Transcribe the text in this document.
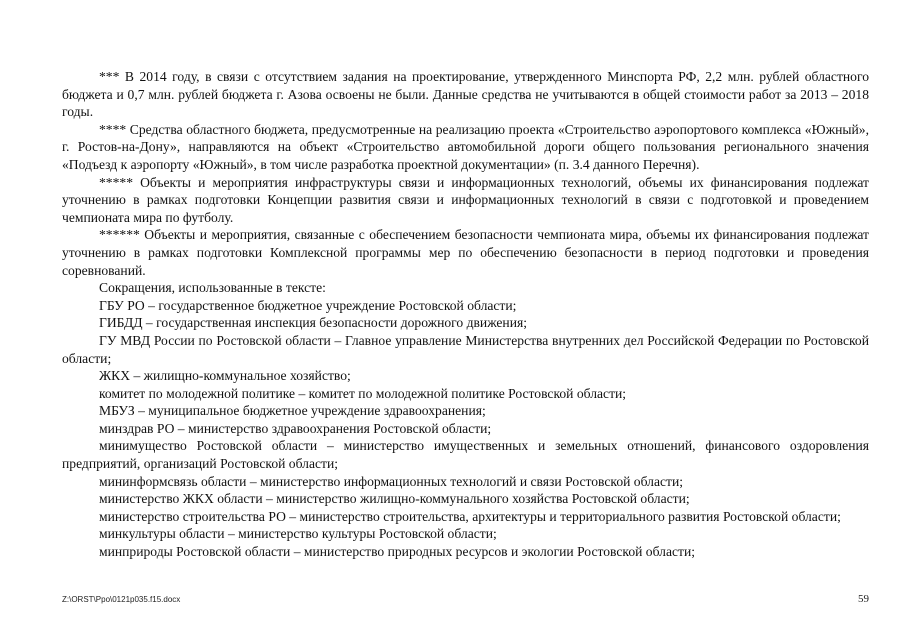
*** В 2014 году, в связи с отсутствием задания на проектирование, утвержденного Минспорта РФ, 2,2 млн. рублей областного бюджета и 0,7 млн. рублей бюджета г. Азова освоены не были. Данные средства не учитываются в общей стоимости работ за 2013 – 2018 годы.

**** Средства областного бюджета, предусмотренные на реализацию проекта «Строительство аэропортового комплекса «Южный», г. Ростов-на-Дону», направляются на объект «Строительство автомобильной дороги общего пользования регионального значения «Подъезд к аэропорту «Южный», в том числе разработка проектной документации» (п. 3.4 данного Перечня).

***** Объекты и мероприятия инфраструктуры связи и информационных технологий, объемы их финансирования подлежат уточнению в рамках подготовки Концепции развития связи и информационных технологий в связи с подготовкой и проведением чемпионата мира по футболу.

****** Объекты и мероприятия, связанные с обеспечением безопасности чемпионата мира, объемы их финансирования подлежат уточнению в рамках подготовки Комплексной программы мер по обеспечению безопасности в период подготовки и проведения соревнований.

Сокращения, использованные в тексте:

ГБУ РО – государственное бюджетное учреждение Ростовской области;

ГИБДД – государственная инспекция безопасности дорожного движения;

ГУ МВД России по Ростовской области – Главное управление Министерства внутренних дел Российской Федерации по Ростовской области;

ЖКХ – жилищно-коммунальное хозяйство;

комитет по молодежной политике – комитет по молодежной политике Ростовской области;

МБУЗ – муниципальное бюджетное учреждение здравоохранения;

минздрав РО – министерство здравоохранения Ростовской области;

минимущество Ростовской области – министерство имущественных и земельных отношений, финансового оздоровления предприятий, организаций Ростовской области;

мининформсвязь области – министерство информационных технологий и связи Ростовской области;

министерство ЖКХ области – министерство жилищно-коммунального хозяйства Ростовской области;

министерство строительства РО – министерство строительства, архитектуры и территориального развития Ростовской области;

минкультуры области – министерство культуры Ростовской области;

минприроды Ростовской области – министерство природных ресурсов и экологии Ростовской области;

Z:\ORST\Ppo\0121p035.f15.docx	59
